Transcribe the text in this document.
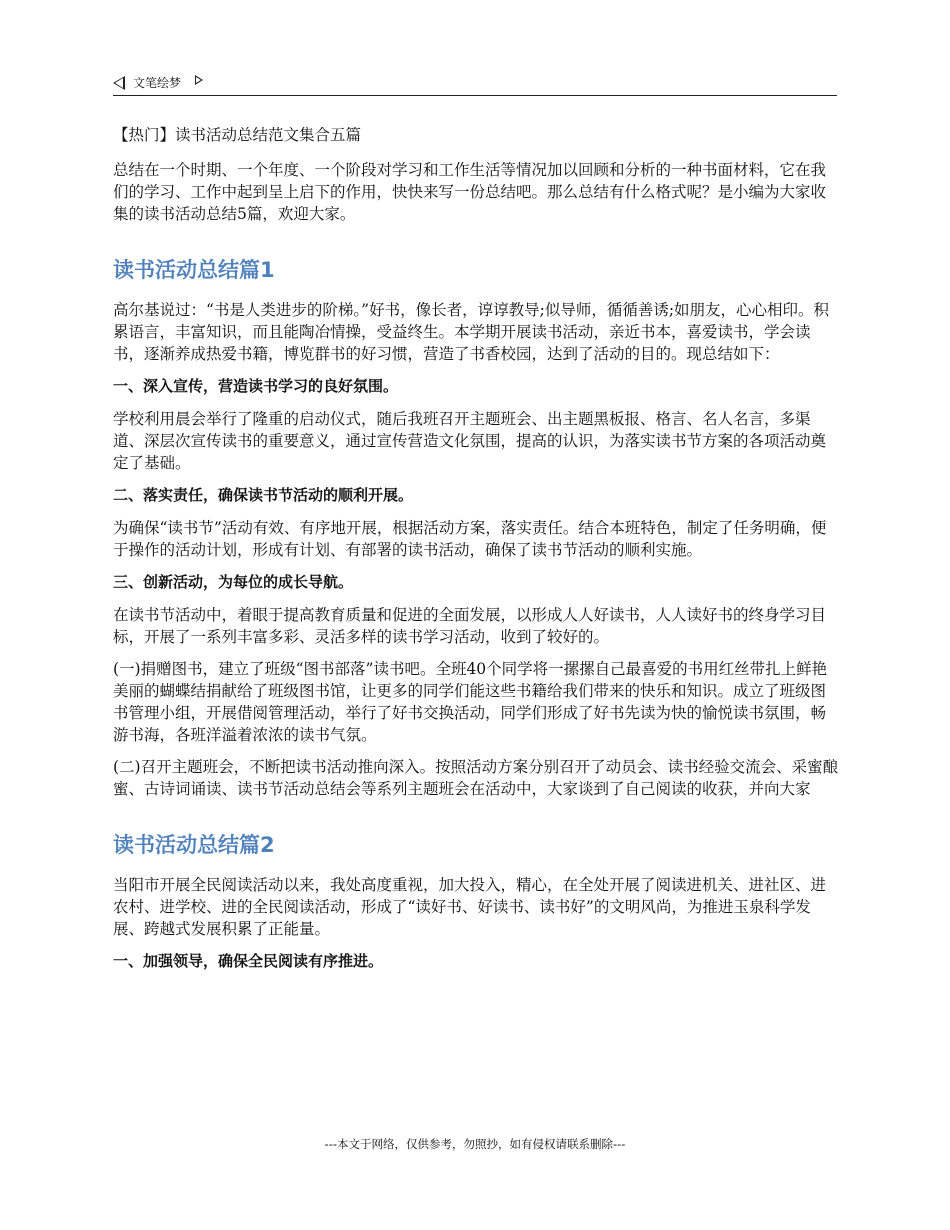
文笔绘梦

【热门】读书活动总结范文集合五篇

总结在一个时期、一个年度、一个阶段对学习和工作生活等情况加以回顾和分析的一种书面材料，它在我们的学习、工作中起到呈上启下的作用，快快来写一份总结吧。那么总结有什么格式呢？是小编为大家收集的读书活动总结5篇，欢迎大家。

读书活动总结篇1

高尔基说过：“书是人类进步的阶梯。”好书，像长者，谆谆教导;似导师，循循善诱;如朋友，心心相印。积累语言，丰富知识，而且能陶冶情操，受益终生。本学期开展读书活动，亲近书本，喜爱读书，学会读书，逐渐养成热爱书籍，博览群书的好习惯，营造了书香校园，达到了活动的目的。现总结如下：

一、深入宣传，营造读书学习的良好氛围。

学校利用晨会举行了隆重的启动仪式，随后我班召开主题班会、出主题黑板报、格言、名人名言，多渠道、深层次宣传读书的重要意义，通过宣传营造文化氛围，提高的认识，为落实读书节方案的各项活动奠定了基础。

二、落实责任，确保读书节活动的顺利开展。

为确保“读书节”活动有效、有序地开展，根据活动方案，落实责任。结合本班特色，制定了任务明确，便于操作的活动计划，形成有计划、有部署的读书活动，确保了读书节活动的顺利实施。

三、创新活动，为每位的成长导航。

在读书节活动中，着眼于提高教育质量和促进的全面发展，以形成人人好读书，人人读好书的终身学习目标，开展了一系列丰富多彩、灵活多样的读书学习活动，收到了较好的。

(一)捐赠图书，建立了班级“图书部落”读书吧。全班40个同学将一摞摞自己最喜爱的书用红丝带扎上鲜艳美丽的蝴蝶结捐献给了班级图书馆，让更多的同学们能这些书籍给我们带来的快乐和知识。成立了班级图书管理小组，开展借阅管理活动，举行了好书交换活动，同学们形成了好书先读为快的愉悦读书氛围，畅游书海，各班洋溢着浓浓的读书气氛。

(二)召开主题班会，不断把读书活动推向深入。按照活动方案分别召开了动员会、读书经验交流会、采蜜酿蜜、古诗词诵读、读书节活动总结会等系列主题班会在活动中，大家谈到了自己阅读的收获，并向大家

读书活动总结篇2

当阳市开展全民阅读活动以来，我处高度重视，加大投入，精心，在全处开展了阅读进机关、进社区、进农村、进学校、进的全民阅读活动，形成了“读好书、好读书、读书好”的文明风尚，为推进玉泉科学发展、跨越式发展积累了正能量。

一、加强领导，确保全民阅读有序推进。
---本文于网络，仅供参考，勿照抄，如有侵权请联系删除---
